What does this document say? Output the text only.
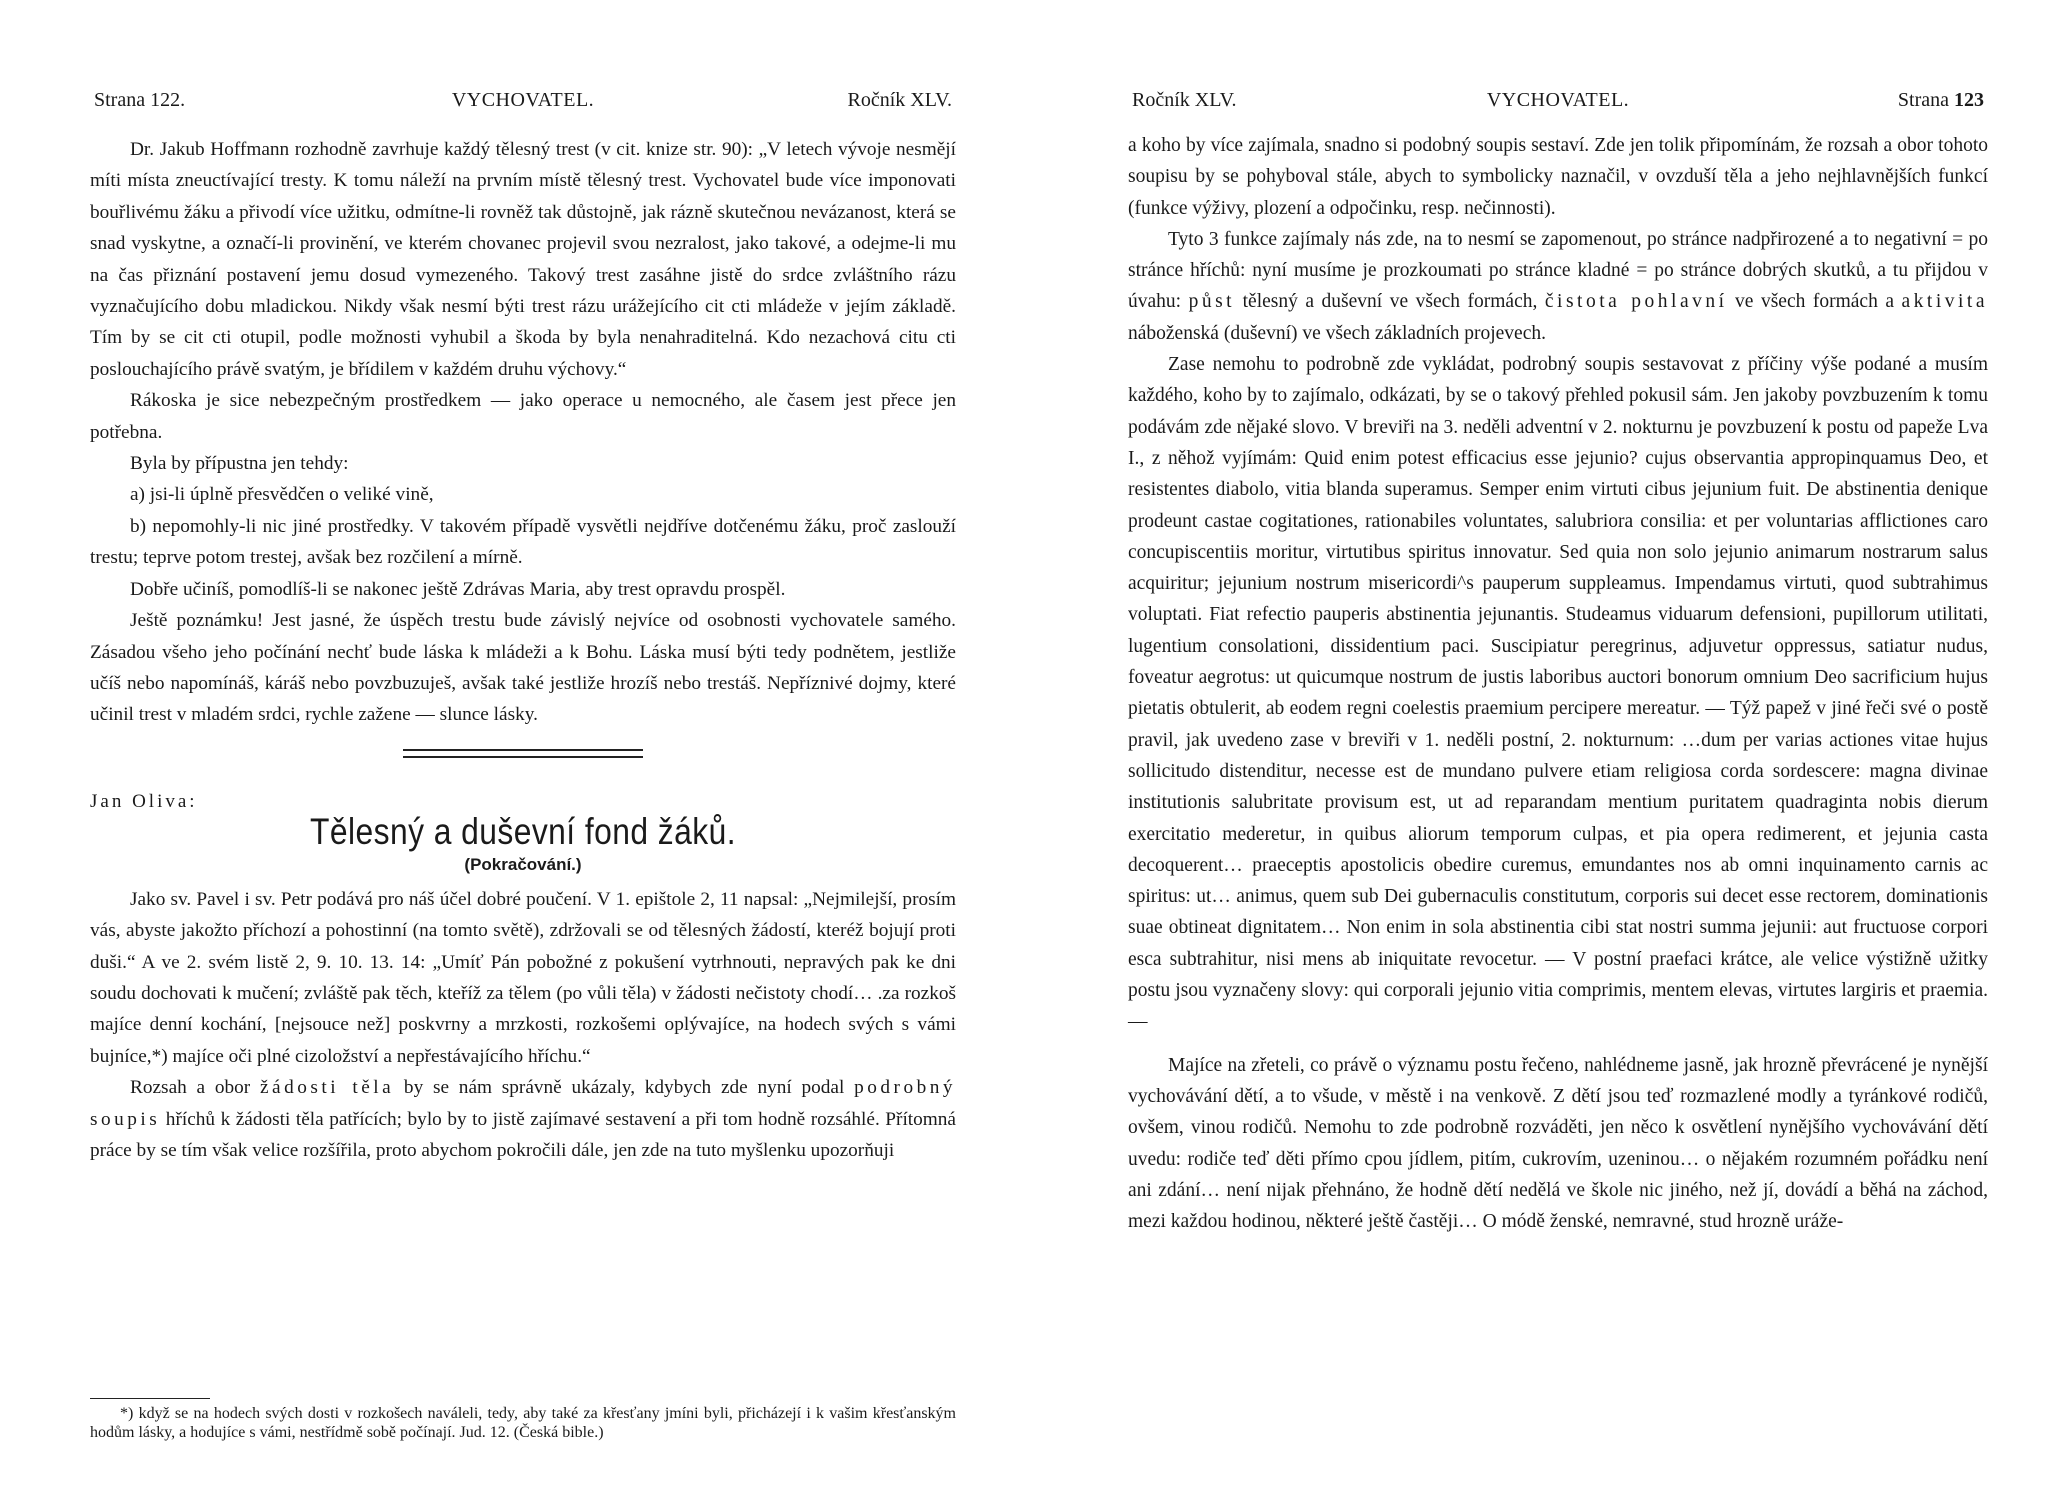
Strana 122.	VYCHOVATEL.	Ročník XLV.

Dr. Jakub Hoffmann rozhodně zavrhuje každý tělesný trest (v cit. knize str. 90): „V letech vývoje nesmějí míti místa zneuctívající tresty. K tomu náleží na prvním místě tělesný trest. Vychovatel bude více imponovati bouřlivému žáku a přivodí více užitku, odmítne-li rovněž tak důstojně, jak rázně skutečnou nevázanost, která se snad vyskytne, a označí-li provinění, ve kterém chovanec projevil svou nezralost, jako takové, a odejme-li mu na čas přiznání postavení jemu dosud vymezeného. Takový trest zasáhne jistě do srdce zvláštního rázu vyznačujícího dobu mladickou. Nikdy však nesmí býti trest rázu urážejícího cit cti mládeže v jejím základě. Tím by se cit cti otupil, podle možnosti vyhubil a škoda by byla nenahraditelná. Kdo nezachová citu cti poslouchajícího právě svatým, je břídilem v každém druhu výchovy.“

Rákoska je sice nebezpečným prostředkem — jako operace u nemocného, ale časem jest přece jen potřebna.

Byla by přípustna jen tehdy:

a) jsi-li úplně přesvědčen o veliké vině,

b) nepomohly-li nic jiné prostředky. V takovém případě vysvětli nejdříve dotčenému žáku, proč zaslouží trestu; teprve potom trestej, avšak bez rozčilení a mírně.

Dobře učiníš, pomodlíš-li se nakonec ještě Zdrávas Maria, aby trest opravdu prospěl.

Ještě poznámku! Jest jasné, že úspěch trestu bude závislý nejvíce od osobnosti vychovatele samého. Zásadou všeho jeho počínání nechť bude láska k mládeži a k Bohu. Láska musí býti tedy podnětem, jestliže učíš nebo napomínáš, káráš nebo povzbuzuješ, avšak také jestliže hrozíš nebo trestáš. Nepříznivé dojmy, které učinil trest v mladém srdci, rychle zažene — slunce lásky.

Jan Oliva:
Tělesný a duševní fond žáků.
(Pokračování.)

Jako sv. Pavel i sv. Petr podává pro náš účel dobré poučení. V 1. epištole 2, 11 napsal: „Nejmilejší, prosím vás, abyste jakožto příchozí a pohostinní (na tomto světě), zdržovali se od tělesných žádostí, kteréž bojují proti duši.“ A ve 2. svém listě 2, 9. 10. 13. 14: „Umíť Pán pobožné z pokušení vytrhnouti, nepravých pak ke dni soudu dochovati k mučení; zvláště pak těch, kteříž za tělem (po vůli těla) v žádosti nečistoty chodí… .za rozkoš majíce denní kochání, [nejsouce než] poskvrny a mrzkosti, rozkošemi oplývajíce, na hodech svých s vámi bujníce,*) majíce oči plné cizoložství a nepřestávajícího hříchu.“

Rozsah a obor žádosti těla by se nám správně ukázaly, kdybych zde nyní podal podrobný soupis hříchů k žádosti těla patřících; bylo by to jistě zajímavé sestavení a při tom hodně rozsáhlé. Přítomná práce by se tím však velice rozšířila, proto abychom pokročili dále, jen zde na tuto myšlenku upozorňuji

*) když se na hodech svých dosti v rozkošech naváleli, tedy, aby také za křesťany jmíni byli, přicházejí i k vašim křesťanským hodům lásky, a hodujíce s vámi, nestřídmě sobě počínají. Jud. 12. (Česká bible.)

Ročník XLV.	VYCHOVATEL.	Strana 123

a koho by více zajímala, snadno si podobný soupis sestaví. Zde jen tolik připomínám, že rozsah a obor tohoto soupisu by se pohyboval stále, abych to symbolicky naznačil, v ovzduší těla a jeho nejhlavnějších funkcí (funkce výživy, plození a odpočinku, resp. nečinnosti).

Tyto 3 funkce zajímaly nás zde, na to nesmí se zapomenout, po stránce nadpřirozené a to negativní = po stránce hříchů: nyní musíme je prozkoumati po stránce kladné = po stránce dobrých skutků, a tu přijdou v úvahu: půst tělesný a duševní ve všech formách, čistota pohlavní ve všech formách a aktivita náboženská (duševní) ve všech základních projevech.

Zase nemohu to podrobně zde vykládat, podrobný soupis sestavovat z příčiny výše podané a musím každého, koho by to zajímalo, odkázati, by se o takový přehled pokusil sám. Jen jakoby povzbuzením k tomu podávám zde nějaké slovo. V breviři na 3. neděli adventní v 2. nokturnu je povzbuzení k postu od papeže Lva I., z něhož vyjímám: Quid enim potest efficacius esse jejunio? cujus observantia appropinquamus Deo, et resistentes diabolo, vitia blanda superamus. Semper enim virtuti cibus jejunium fuit. De abstinentia denique prodeunt castae cogitationes, rationabiles voluntates, salubriora consilia: et per voluntarias afflictiones caro concupiscentiis moritur, virtutibus spiritus innovatur. Sed quia non solo jejunio animarum nostrarum salus acquiritur; jejunium nostrum misericordi^s pauperum suppleamus. Impendamus virtuti, quod subtrahimus voluptati. Fiat refectio pauperis abstinentia jejunantis. Studeamus viduarum defensioni, pupillorum utilitati, lugentium consolationi, dissidentium paci. Suscipiatur peregrinus, adjuvetur oppressus, satiatur nudus, foveatur aegrotus: ut quicumque nostrum de justis laboribus auctori bonorum omnium Deo sacrificium hujus pietatis obtulerit, ab eodem regni coelestis praemium percipere mereatur. — Týž papež v jiné řeči své o postě pravil, jak uvedeno zase v breviři v 1. neděli postní, 2. nokturnum: …dum per varias actiones vitae hujus sollicitudo distenditur, necesse est de mundano pulvere etiam religiosa corda sordescere: magna divinae institutionis salubritate provisum est, ut ad reparandam mentium puritatem quadraginta nobis dierum exercitatio mederetur, in quibus aliorum temporum culpas, et pia opera redimerent, et jejunia casta decoquerent… praeceptis apostolicis obedire curemus, emundantes nos ab omni inquinamento carnis ac spiritus: ut… animus, quem sub Dei gubernaculis constitutum, corporis sui decet esse rectorem, dominationis suae obtineat dignitatem… Non enim in sola abstinentia cibi stat nostri summa jejunii: aut fructuose corpori esca subtrahitur, nisi mens ab iniquitate revocetur. — V postní praefaci krátce, ale velice výstižně užitky postu jsou vyznačeny slovy: qui corporali jejunio vitia comprimis, mentem elevas, virtutes largiris et praemia. —

Majíce na zřeteli, co právě o významu postu řečeno, nahlédneme jasně, jak hrozně převrácené je nynější vychovávání dětí, a to všude, v městě i na venkově. Z dětí jsou teď rozmazlené modly a tyránkové rodičů, ovšem, vinou rodičů. Nemohu to zde podrobně rozváděti, jen něco k osvětlení nynějšího vychovávání dětí uvedu: rodiče teď děti přímo cpou jídlem, pitím, cukrovím, uzeninou… o nějakém rozumném pořádku není ani zdání… není nijak přehnáno, že hodně dětí nedělá ve škole nic jiného, než jí, dovádí a běhá na záchod, mezi každou hodinou, některé ještě častěji… O módě ženské, nemravné, stud hrozně uráže-
